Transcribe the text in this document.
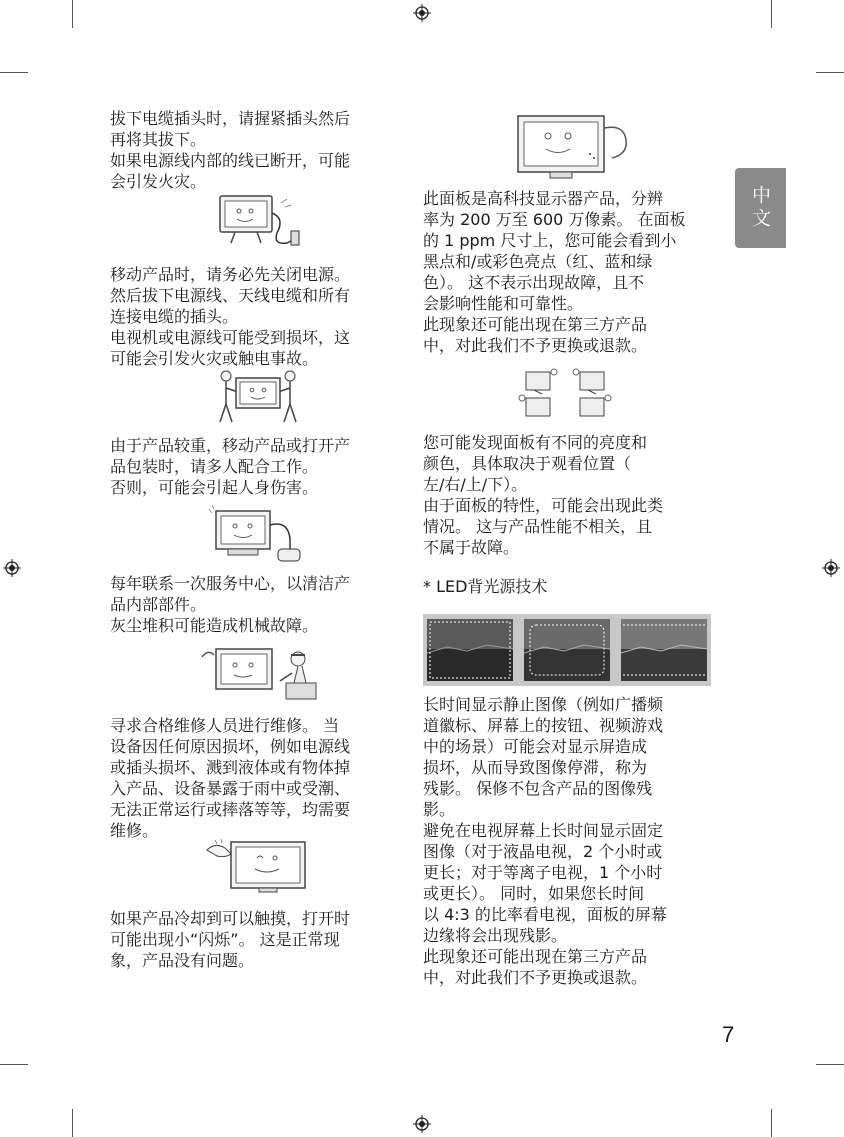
中文

拔下电缆插头时，请握紧插头然后
再将其拔下。
如果电源线内部的线已断开，可能
会引发火灾。

移动产品时，请务必先关闭电源。
然后拔下电源线、天线电缆和所有
连接电缆的插头。
电视机或电源线可能受到损坏，这
可能会引发火灾或触电事故。

由于产品较重，移动产品或打开产
品包装时，请多人配合工作。
否则，可能会引起人身伤害。

每年联系一次服务中心，以清洁产
品内部部件。
灰尘堆积可能造成机械故障。

寻求合格维修人员进行维修。 当
设备因任何原因损坏，例如电源线
或插头损坏、溅到液体或有物体掉
入产品、设备暴露于雨中或受潮、
无法正常运行或摔落等等，均需要
维修。

如果产品冷却到可以触摸，打开时
可能出现小“闪烁”。 这是正常现
象，产品没有问题。

此面板是高科技显示器产品，分辨
率为 200 万至 600 万像素。 在面板
的 1 ppm 尺寸上，您可能会看到小
黑点和/或彩色亮点（红、蓝和绿
色）。 这不表示出现故障，且不
会影响性能和可靠性。
此现象还可能出现在第三方产品
中，对此我们不予更换或退款。

您可能发现面板有不同的亮度和
颜色，具体取决于观看位置（
左/右/上/下）。
由于面板的特性，可能会出现此类
情况。 这与产品性能不相关，且
不属于故障。

* LED背光源技术

长时间显示静止图像（例如广播频
道徽标、屏幕上的按钮、视频游戏
中的场景）可能会对显示屏造成
损坏，从而导致图像停滞，称为
残影。 保修不包含产品的图像残
影。
避免在电视屏幕上长时间显示固定
图像（对于液晶电视，2 个小时或
更长；对于等离子电视，1 个小时
或更长）。 同时，如果您长时间
以 4:3 的比率看电视，面板的屏幕
边缘将会出现残影。
此现象还可能出现在第三方产品
中，对此我们不予更换或退款。

7
